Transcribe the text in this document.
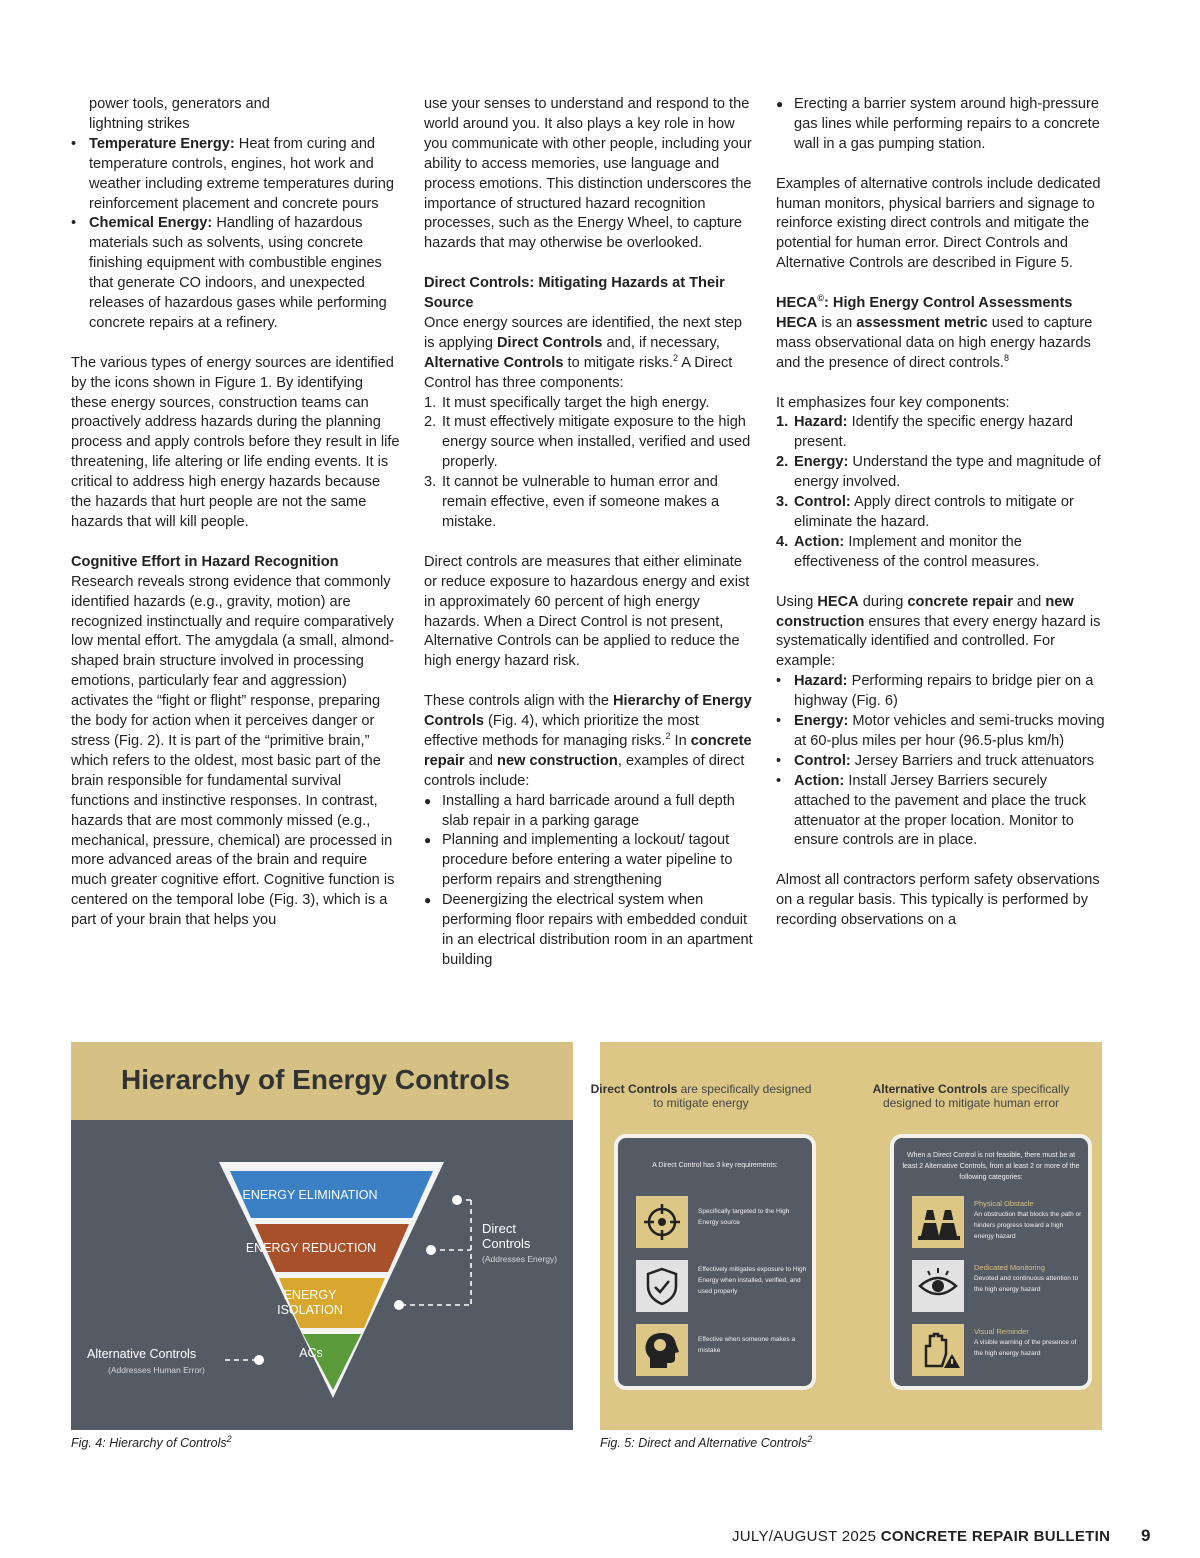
power tools, generators and
lightning strikes
• Temperature Energy: Heat from curing and temperature controls, engines, hot work and weather including extreme temperatures during reinforcement placement and concrete pours
• Chemical Energy: Handling of hazardous materials such as solvents, using concrete finishing equipment with combustible engines that generate CO indoors, and unexpected releases of hazardous gases while performing concrete repairs at a refinery.

The various types of energy sources are identified by the icons shown in Figure 1. By identifying these energy sources, construction teams can proactively address hazards during the planning process and apply controls before they result in life threatening, life altering or life ending events. It is critical to address high energy hazards because the hazards that hurt people are not the same hazards that will kill people.

Cognitive Effort in Hazard Recognition

Research reveals strong evidence that commonly identified hazards (e.g., gravity, motion) are recognized instinctually and require comparatively low mental effort. The amygdala (a small, almond-shaped brain structure involved in processing emotions, particularly fear and aggression) activates the “fight or flight” response, preparing the body for action when it perceives danger or stress (Fig. 2). It is part of the “primitive brain,” which refers to the oldest, most basic part of the brain responsible for fundamental survival functions and instinctive responses. In contrast, hazards that are most commonly missed (e.g., mechanical, pressure, chemical) are processed in more advanced areas of the brain and require much greater cognitive effort. Cognitive function is centered on the temporal lobe (Fig. 3), which is a part of your brain that helps you

use your senses to understand and respond to the world around you. It also plays a key role in how you communicate with other people, including your ability to access memories, use language and process emotions. This distinction underscores the importance of structured hazard recognition processes, such as the Energy Wheel, to capture hazards that may otherwise be overlooked.

Direct Controls: Mitigating Hazards at Their Source

Once energy sources are identified, the next step is applying Direct Controls and, if necessary, Alternative Controls to mitigate risks.$^2$ A Direct Control has three components:

1. It must specifically target the high energy.
2. It must effectively mitigate exposure to the high energy source when installed, verified and used properly.
3. It cannot be vulnerable to human error and remain effective, even if someone makes a mistake.

Direct controls are measures that either eliminate or reduce exposure to hazardous energy and exist in approximately 60 percent of high energy hazards. When a Direct Control is not present, Alternative Controls can be applied to reduce the high energy hazard risk.

These controls align with the Hierarchy of Energy Controls (Fig. 4), which prioritize the most effective methods for managing risks.$^2$ In concrete repair and new construction, examples of direct controls include:

● Installing a hard barricade around a full depth slab repair in a parking garage
● Planning and implementing a lockout/ tagout procedure before entering a water pipeline to perform repairs and strengthening
● Deenergizing the electrical system when performing floor repairs with embedded conduit in an electrical distribution room in an apartment building
● Erecting a barrier system around high-pressure gas lines while performing repairs to a concrete wall in a gas pumping station.

Examples of alternative controls include dedicated human monitors, physical barriers and signage to reinforce existing direct controls and mitigate the potential for human error. Direct Controls and Alternative Controls are described in Figure 5.

HECA©: High Energy Control Assessments

HECA is an assessment metric used to capture mass observational data on high energy hazards and the presence of direct controls.$^8$

It emphasizes four key components:

1. Hazard: Identify the specific energy hazard present.
2. Energy: Understand the type and magnitude of energy involved.
3. Control: Apply direct controls to mitigate or eliminate the hazard.
4. Action: Implement and monitor the effectiveness of the control measures.

Using HECA during concrete repair and new construction ensures that every energy hazard is systematically identified and controlled. For example:

• Hazard: Performing repairs to bridge pier on a highway (Fig. 6)
• Energy: Motor vehicles and semi-trucks moving at 60-plus miles per hour (96.5-plus km/h)
• Control: Jersey Barriers and truck attenuators
• Action: Install Jersey Barriers securely attached to the pavement and place the truck attenuator at the proper location. Monitor to ensure controls are in place.

Almost all contractors perform safety observations on a regular basis. This typically is performed by recording observations on a

Hierarchy of Energy Controls
ENERGY ELIMINATION
ENERGY REDUCTION
ENERGY
ISOLATION
ACs
Direct
Controls
(Addresses Energy)
Alternative Controls
(Addresses Human Error)
Fig. 4: Hierarchy of Controls$^2$
Direct Controls are specifically designed to mitigate energy
Alternative Controls are specifically designed to mitigate human error
A Direct Control has 3 key requirements:
Specifically targeted to the High Energy source
Effectively mitigates exposure to High Energy when installed, verified, and used properly
Effective when someone makes a mistake
When a Direct Control is not feasible, there must be at least 2 Alternative Controls, from at least 2 or more of the following categories:
Physical Obstacle
An obstruction that blocks the path or hinders progress toward a high energy hazard
Dedicated Monitoring
Devoted and continuous attention to the high energy hazard
Visual Reminder
A visible warning of the presence of the high energy hazard
Fig. 5: Direct and Alternative Controls$^2$
JULY/AUGUST 2025 CONCRETE REPAIR BULLETIN 9
